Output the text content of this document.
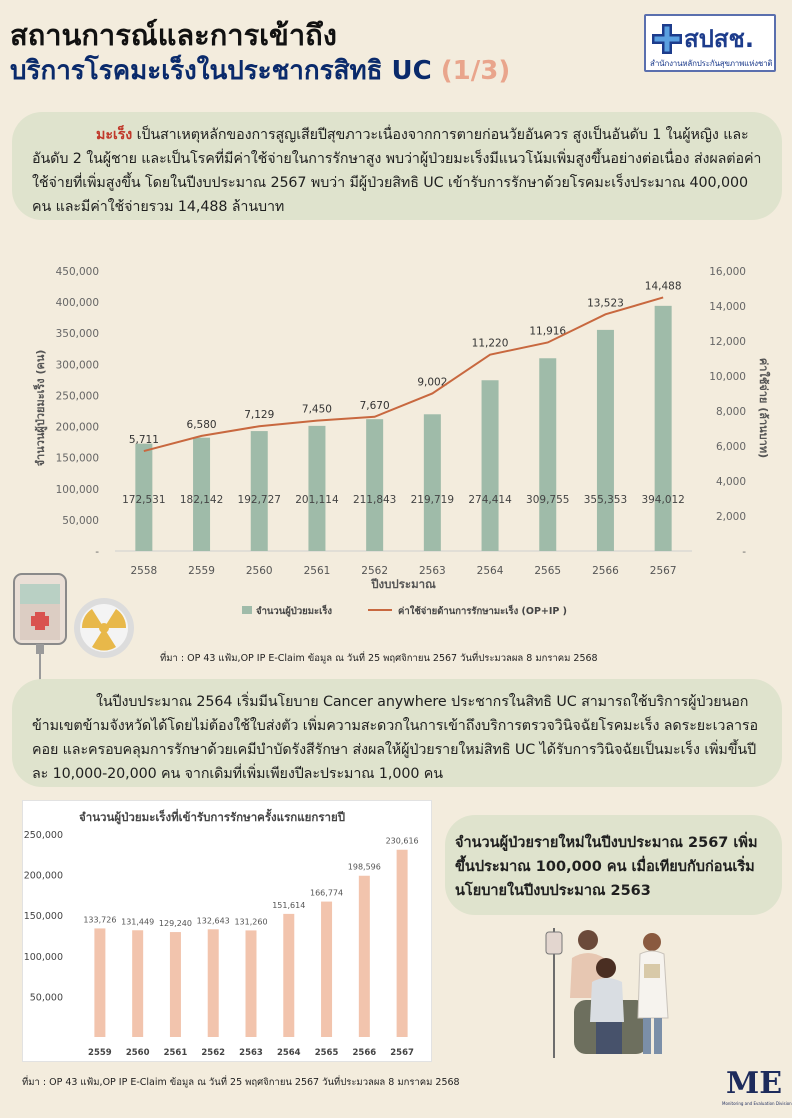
สถานการณ์และการเข้าถึง
บริการโรคมะเร็งในประชากรสิทธิ UC (1/3)
สปสช.
สำนักงานหลักประกันสุขภาพแห่งชาติ
มะเร็ง เป็นสาเหตุหลักของการสูญเสียปีสุขภาวะเนื่องจากการตายก่อนวัยอันควร สูงเป็นอันดับ 1 ในผู้หญิง และอันดับ 2 ในผู้ชาย และเป็นโรคที่มีค่าใช้จ่ายในการรักษาสูง พบว่าผู้ป่วยมะเร็งมีแนวโน้มเพิ่มสูงขึ้นอย่างต่อเนื่อง ส่งผลต่อค่าใช้จ่ายที่เพิ่มสูงขึ้น โดยในปีงบประมาณ 2567 พบว่า มีผู้ป่วยสิทธิ UC เข้ารับการรักษาด้วยโรคมะเร็งประมาณ 400,000 คน และมีค่าใช้จ่ายรวม 14,488 ล้านบาท
-
50,000
100,000
150,000
200,000
250,000
300,000
350,000
400,000
450,000
-
2,000
4,000
6,000
8,000
10,000
12,000
14,000
16,000
จำนวนผู้ป่วยมะเร็ง (คน)	ค่าใช้จ่าย (ล้านบาท)
ปีงบประมาณ
172,531
2558
5,711
182,142
2559
6,580
192,727
2560
7,129
201,114
2561
7,450
211,843
2562
7,670
219,719
2563
9,002
274,414
2564
11,220
309,755
2565
11,916
355,353
2566
13,523
394,012
2567
14,488
จำนวนผู้ป่วยมะเร็ง	ค่าใช้จ่ายด้านการรักษามะเร็ง (OP+IP )
ที่มา : OP 43 แฟ้ม,OP IP E-Claim ข้อมูล ณ วันที่ 25 พฤศจิกายน 2567 วันที่ประมวลผล 8 มกราคม 2568
ในปีงบประมาณ 2564 เริ่มมีนโยบาย Cancer anywhere ประชากรในสิทธิ UC สามารถใช้บริการผู้ป่วยนอกข้ามเขตข้ามจังหวัดได้โดยไม่ต้องใช้ใบส่งตัว เพิ่มความสะดวกในการเข้าถึงบริการตรวจวินิจฉัยโรคมะเร็ง ลดระยะเวลารอคอย และครอบคลุมการรักษาด้วยเคมีบำบัดรังสีรักษา ส่งผลให้ผู้ป่วยรายใหม่สิทธิ UC ได้รับการวินิจฉัยเป็นมะเร็ง เพิ่มขึ้นปีละ 10,000-20,000 คน จากเดิมที่เพิ่มเพียงปีละประมาณ 1,000 คน
จำนวนผู้ป่วยมะเร็งที่เข้ารับการรักษาครั้งแรกแยกรายปี
50,000
100,000
150,000
200,000
250,000
133,726
2559
131,449
2560
129,240
2561
132,643
2562
131,260
2563
151,614
2564
166,774
2565
198,596
2566
230,616
2567
จำนวนผู้ป่วยรายใหม่ในปีงบประมาณ 2567 เพิ่มขึ้นประมาณ 100,000 คน เมื่อเทียบกับก่อนเริ่มนโยบายในปีงบประมาณ 2563
ที่มา : OP 43 แฟ้ม,OP IP E-Claim ข้อมูล ณ วันที่ 25 พฤศจิกายน 2567 วันที่ประมวลผล 8 มกราคม 2568	ME
Monitoring and Evaluation Division
